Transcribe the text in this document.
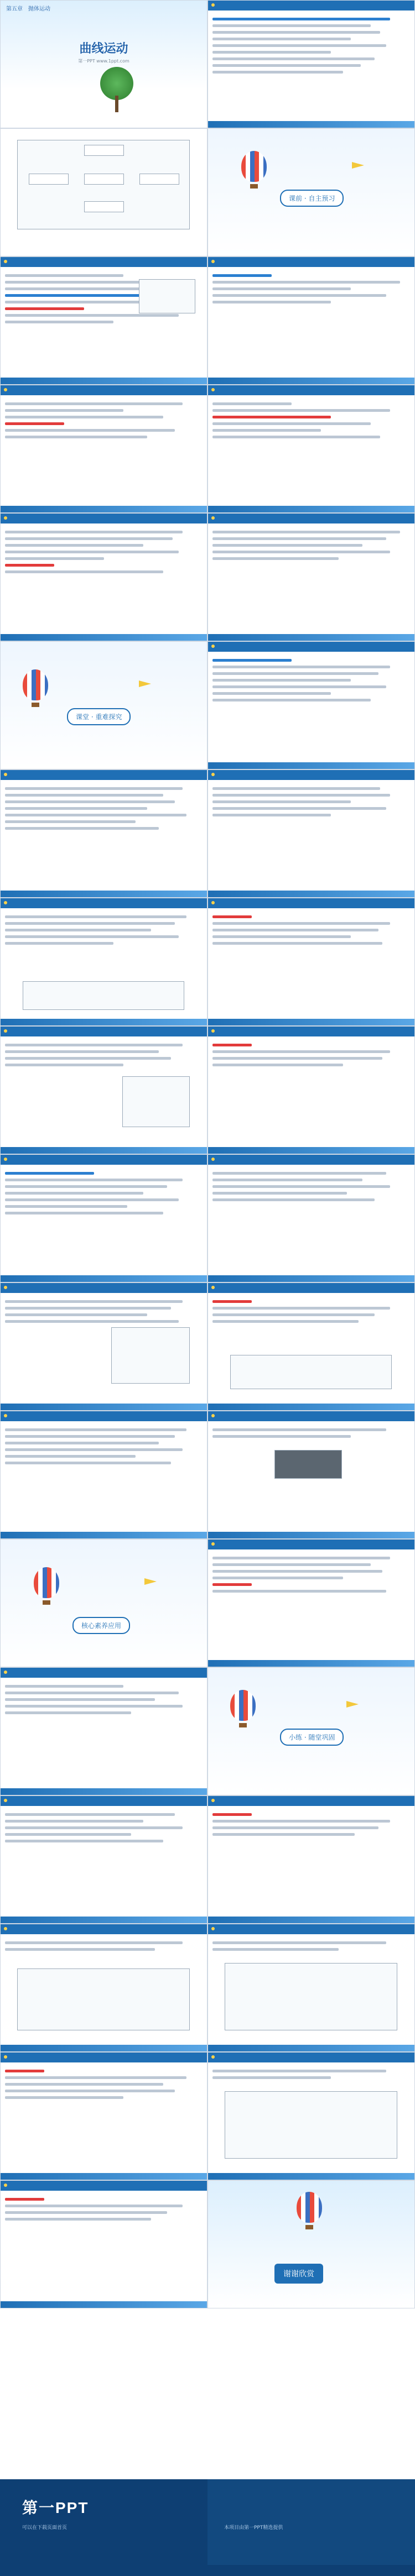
第五章　抛体运动
曲线运动
第一PPT www.1ppt.com
课前 · 自主预习
课堂 · 重难探究
核心素养应用
小练 · 随堂巩固
谢谢欣赏
第一PPT
可以在下载页面首页	本项目由第一PPT精选提供
